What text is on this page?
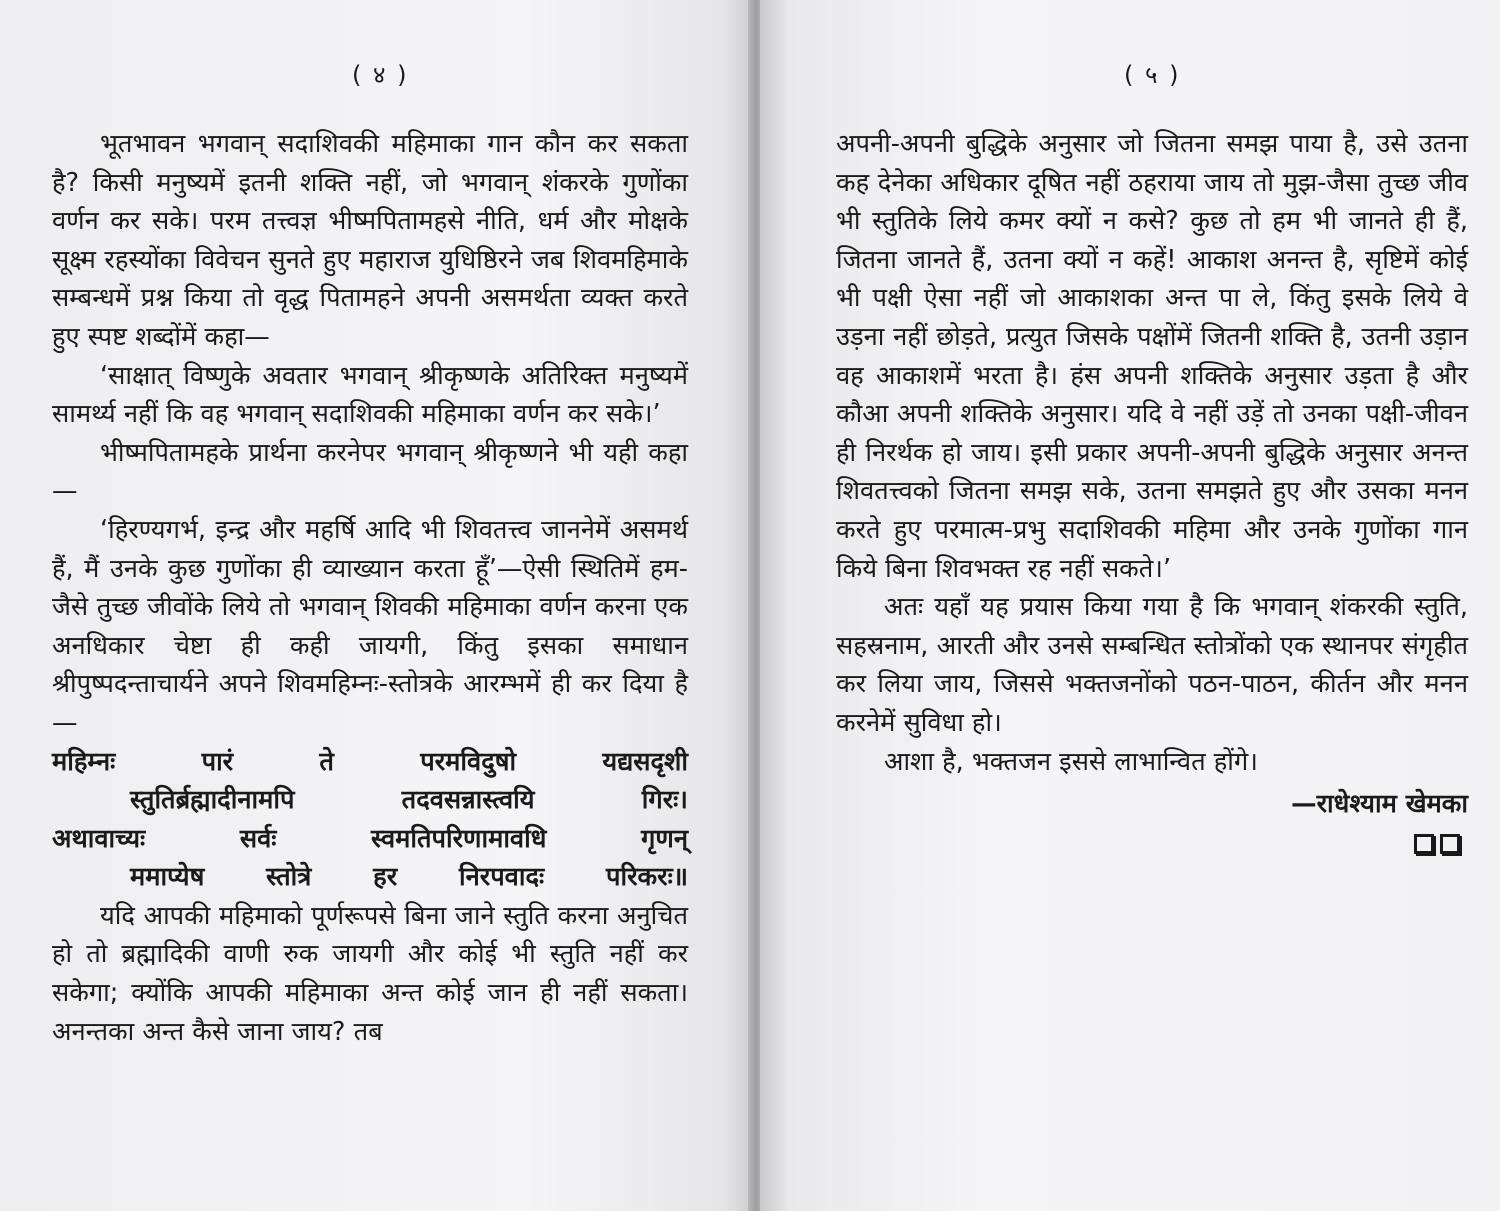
( ४ )

भूतभावन भगवान् सदाशिवकी महिमाका गान कौन कर सकता है? किसी मनुष्यमें इतनी शक्ति नहीं, जो भगवान् शंकरके गुणोंका वर्णन कर सके। परम तत्त्वज्ञ भीष्मपितामहसे नीति, धर्म और मोक्षके सूक्ष्म रहस्योंका विवेचन सुनते हुए महाराज युधिष्ठिरने जब शिवमहिमाके सम्बन्धमें प्रश्न किया तो वृद्ध पितामहने अपनी असमर्थता व्यक्त करते हुए स्पष्ट शब्दोंमें कहा—

‘साक्षात् विष्णुके अवतार भगवान् श्रीकृष्णके अतिरिक्त मनुष्यमें सामर्थ्य नहीं कि वह भगवान् सदाशिवकी महिमाका वर्णन कर सके।’

भीष्मपितामहके प्रार्थना करनेपर भगवान् श्रीकृष्णने भी यही कहा—

‘हिरण्यगर्भ, इन्द्र और महर्षि आदि भी शिवतत्त्व जाननेमें असमर्थ हैं, मैं उनके कुछ गुणोंका ही व्याख्यान करता हूँ’—ऐसी स्थितिमें हम-जैसे तुच्छ जीवोंके लिये तो भगवान् शिवकी महिमाका वर्णन करना एक अनधिकार चेष्टा ही कही जायगी, किंतु इसका समाधान श्रीपुष्पदन्ताचार्यने अपने शिवमहिम्नः-स्तोत्रके आरम्भमें ही कर दिया है—

महिम्नः	पारं	ते	परमविदुषो	यद्यसदृशी
स्तुतिर्ब्रह्मादीनामपि	तदवसन्नास्त्वयि	गिरः।
अथावाच्यः	सर्वः	स्वमतिपरिणामावधि	गृणन्
ममाप्येष स्तोत्रे हर निरपवादः परिकरः॥

यदि आपकी महिमाको पूर्णरूपसे बिना जाने स्तुति करना अनुचित हो तो ब्रह्मादिकी वाणी रुक जायगी और कोई भी स्तुति नहीं कर सकेगा; क्योंकि आपकी महिमाका अन्त कोई जान ही नहीं सकता। अनन्तका अन्त कैसे जाना जाय? तब

( ५ )

अपनी-अपनी बुद्धिके अनुसार जो जितना समझ पाया है, उसे उतना कह देनेका अधिकार दूषित नहीं ठहराया जाय तो मुझ-जैसा तुच्छ जीव भी स्तुतिके लिये कमर क्यों न कसे? कुछ तो हम भी जानते ही हैं, जितना जानते हैं, उतना क्यों न कहें! आकाश अनन्त है, सृष्टिमें कोई भी पक्षी ऐसा नहीं जो आकाशका अन्त पा ले, किंतु इसके लिये वे उड़ना नहीं छोड़ते, प्रत्युत जिसके पक्षोंमें जितनी शक्ति है, उतनी उड़ान वह आकाशमें भरता है। हंस अपनी शक्तिके अनुसार उड़ता है और कौआ अपनी शक्तिके अनुसार। यदि वे नहीं उड़ें तो उनका पक्षी-जीवन ही निरर्थक हो जाय। इसी प्रकार अपनी-अपनी बुद्धिके अनुसार अनन्त शिवतत्त्वको जितना समझ सके, उतना समझते हुए और उसका मनन करते हुए परमात्म-प्रभु सदाशिवकी महिमा और उनके गुणोंका गान किये बिना शिवभक्त रह नहीं सकते।’

अतः यहाँ यह प्रयास किया गया है कि भगवान् शंकरकी स्तुति, सहस्रनाम, आरती और उनसे सम्बन्धित स्तोत्रोंको एक स्थानपर संगृहीत कर लिया जाय, जिससे भक्तजनोंको पठन-पाठन, कीर्तन और मनन करनेमें सुविधा हो।

आशा है, भक्तजन इससे लाभान्वित होंगे।

—राधेश्याम खेमका
